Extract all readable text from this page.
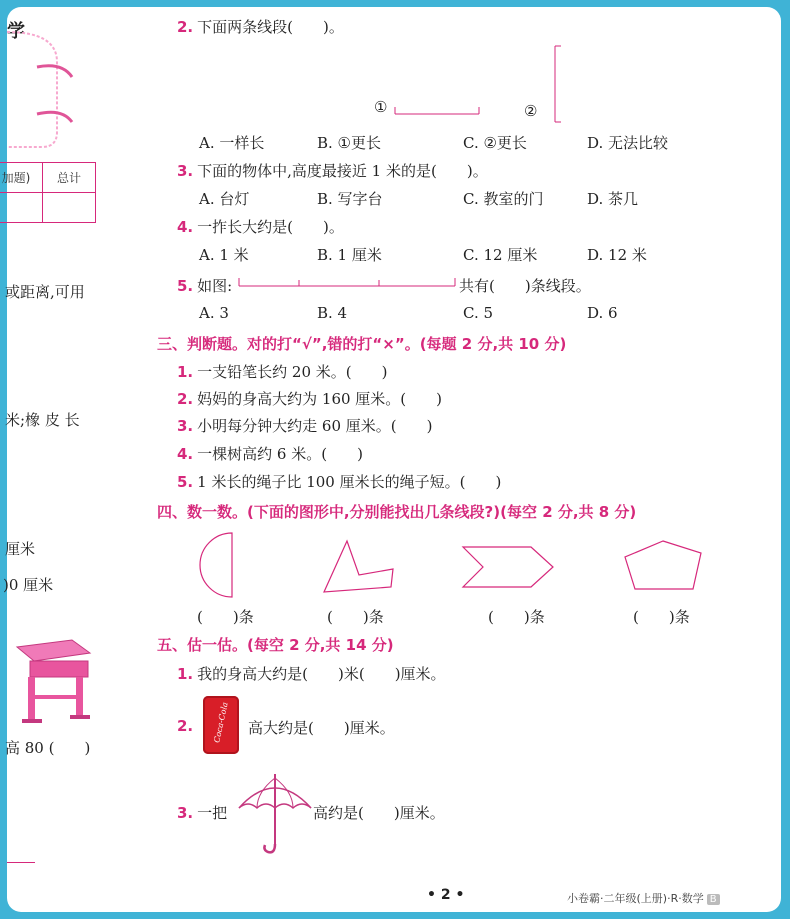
学
加题)	总计

或距离,可用
米;橡 皮 长
厘米
)0 厘米
高 80 (　　)
2. 下面两条线段(　　)。
①	②
A. 一样长	B. ①更长	C. ②更长	D. 无法比较
3. 下面的物体中,高度最接近 1 米的是(　　)。
A. 台灯	B. 写字台	C. 教室的门	D. 茶几
4. 一拃长大约是(　　)。
A. 1 米	B. 1 厘米	C. 12 厘米	D. 12 米
5. 如图:	共有(　　)条线段。
A. 3	B. 4	C. 5	D. 6
三、判断题。对的打“√”,错的打“×”。(每题 2 分,共 10 分)
1. 一支铅笔长约 20 米。(　　)
2. 妈妈的身高大约为 160 厘米。(　　)
3. 小明每分钟大约走 60 厘米。(　　)
4. 一棵树高约 6 米。(　　)
5. 1 米长的绳子比 100 厘米长的绳子短。(　　)
四、数一数。(下面的图形中,分别能找出几条线段?)(每空 2 分,共 8 分)
(　　)条	(　　)条	(　　)条	(　　)条
五、估一估。(每空 2 分,共 14 分)
1. 我的身高大约是(　　)米(　　)厘米。
2.	Coca-Cola 高大约是(　　)厘米。
3. 一把	高约是(　　)厘米。
• 2 •	小卷霸·二年级(上册)·R·数学 B
